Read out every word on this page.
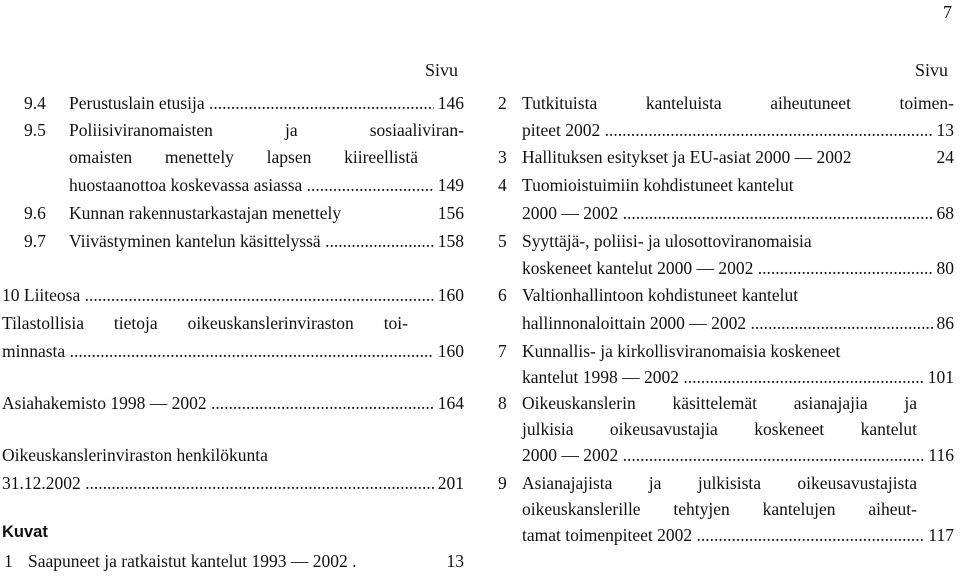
7
Sivu
9.4 Perustuslain etusija .....	146
9.5 Poliisiviranomaisten ja sosiaaliviran-
omaisten menettely lapsen kiireellistä
huostaanottoa koskevassa asiassa .....	149
9.6 Kunnan rakennustarkastajan menettely	156
9.7 Viivästyminen kantelun käsittelyssä .....	158
10 Liiteosa .....	160
Tilastollisia tietoja oikeuskanslerinviraston toi-
minnasta .....	160
Asiahakemisto 1998 — 2002 .....	164
Oikeuskanslerinviraston henkilökunta
31.12.2002 .....	201
Kuvat
1 Saapuneet ja ratkaistut kantelut 1993 — 2002 .	13
Sivu
2 Tutkituista kanteluista aiheutuneet toimen-
piteet 2002 .....	13
3 Hallituksen esitykset ja EU-asiat 2000 — 2002	24
4 Tuomioistuimiin kohdistuneet kantelut
2000 — 2002 .....	68
5 Syyttäjä-, poliisi- ja ulosottoviranomaisia
koskeneet kantelut 2000 — 2002 .....	80
6 Valtionhallintoon kohdistuneet kantelut
hallinnonaloittain 2000 — 2002 .....	86
7 Kunnallis- ja kirkollisviranomaisia koskeneet
kantelut 1998 — 2002 .....	101
8 Oikeuskanslerin käsittelemät asianajajia ja
julkisia oikeusavustajia koskeneet kantelut
2000 — 2002 .....	116
9 Asianajajista ja julkisista oikeusavustajista
oikeuskanslerille tehtyjen kantelujen aiheut-
tamat toimenpiteet 2002 .....	117
